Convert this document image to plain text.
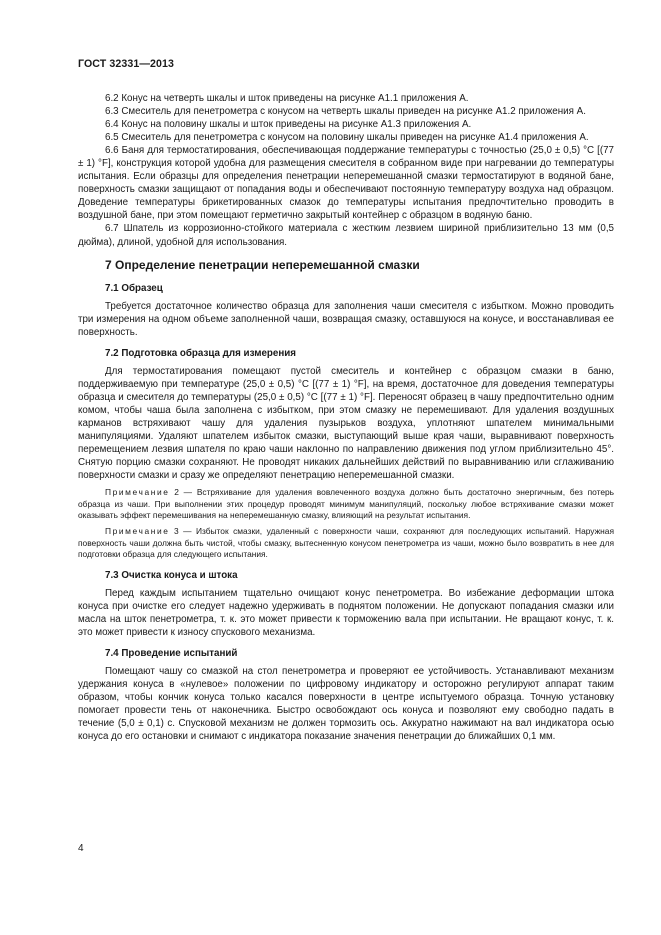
ГОСТ 32331—2013

6.2 Конус на четверть шкалы и шток приведены на рисунке А1.1 приложения А.

6.3 Смеситель для пенетрометра с конусом на четверть шкалы приведен на рисунке А1.2 приложения А.

6.4 Конус на половину шкалы и шток приведены на рисунке А1.3 приложения А.

6.5 Смеситель для пенетрометра с конусом на половину шкалы приведен на рисунке А1.4 приложения А.

6.6 Баня для термостатирования, обеспечивающая поддержание температуры с точностью (25,0 ± 0,5) °С [(77 ± 1) °F], конструкция которой удобна для размещения смесителя в собранном виде при нагревании до температуры испытания. Если образцы для определения пенетрации неперемешанной смазки термостатируют в водяной бане, поверхность смазки защищают от попадания воды и обеспечивают постоянную температуру воздуха над образцом. Доведение температуры брикетированных смазок до температуры испытания предпочтительно проводить в воздушной бане, при этом помещают герметично закрытый контейнер с образцом в водяную баню.

6.7 Шпатель из коррозионно-стойкого материала с жестким лезвием шириной приблизительно 13 мм (0,5 дюйма), длиной, удобной для использования.

7 Определение пенетрации неперемешанной смазки
7.1 Образец

Требуется достаточное количество образца для заполнения чаши смесителя с избытком. Можно проводить три измерения на одном объеме заполненной чаши, возвращая смазку, оставшуюся на конусе, и восстанавливая ее поверхность.

7.2 Подготовка образца для измерения

Для термостатирования помещают пустой смеситель и контейнер с образцом смазки в баню, поддерживаемую при температуре (25,0 ± 0,5) °С [(77 ± 1) °F], на время, достаточное для доведения температуры образца и смесителя до температуры (25,0 ± 0,5) °С [(77 ± 1) °F]. Переносят образец в чашу предпочтительно одним комом, чтобы чаша была заполнена с избытком, при этом смазку не перемешивают. Для удаления воздушных карманов встряхивают чашу для удаления пузырьков воздуха, уплотняют шпателем минимальными манипуляциями. Удаляют шпателем избыток смазки, выступающий выше края чаши, выравнивают поверхность перемещением лезвия шпателя по краю чаши наклонно по направлению движения под углом приблизительно 45°. Снятую порцию смазки сохраняют. Не проводят никаких дальнейших действий по выравниванию или сглаживанию поверхности смазки и сразу же определяют пенетрацию неперемешанной смазки.

Примечание 2 — Встряхивание для удаления вовлеченного воздуха должно быть достаточно энергичным, без потерь образца из чаши. При выполнении этих процедур проводят минимум манипуляций, поскольку любое встряхивание смазки может оказывать эффект перемешивания на неперемешанную смазку, влияющий на результат испытания.

Примечание 3 — Избыток смазки, удаленный с поверхности чаши, сохраняют для последующих испытаний. Наружная поверхность чаши должна быть чистой, чтобы смазку, вытесненную конусом пенетрометра из чаши, можно было возвратить в нее для подготовки образца для следующего испытания.

7.3 Очистка конуса и штока

Перед каждым испытанием тщательно очищают конус пенетрометра. Во избежание деформации штока конуса при очистке его следует надежно удерживать в поднятом положении. Не допускают попадания смазки или масла на шток пенетрометра, т. к. это может привести к торможению вала при испытании. Не вращают конус, т. к. это может привести к износу спускового механизма.

7.4 Проведение испытаний

Помещают чашу со смазкой на стол пенетрометра и проверяют ее устойчивость. Устанавливают механизм удержания конуса в «нулевое» положении по цифровому индикатору и осторожно регулируют аппарат таким образом, чтобы кончик конуса только касался поверхности в центре испытуемого образца. Точную установку помогает провести тень от наконечника. Быстро освобождают ось конуса и позволяют ему свободно падать в течение (5,0 ± 0,1) с. Спусковой механизм не должен тормозить ось. Аккуратно нажимают на вал индикатора осью конуса до его остановки и снимают с индикатора показание значения пенетрации до ближайших 0,1 мм.

4
